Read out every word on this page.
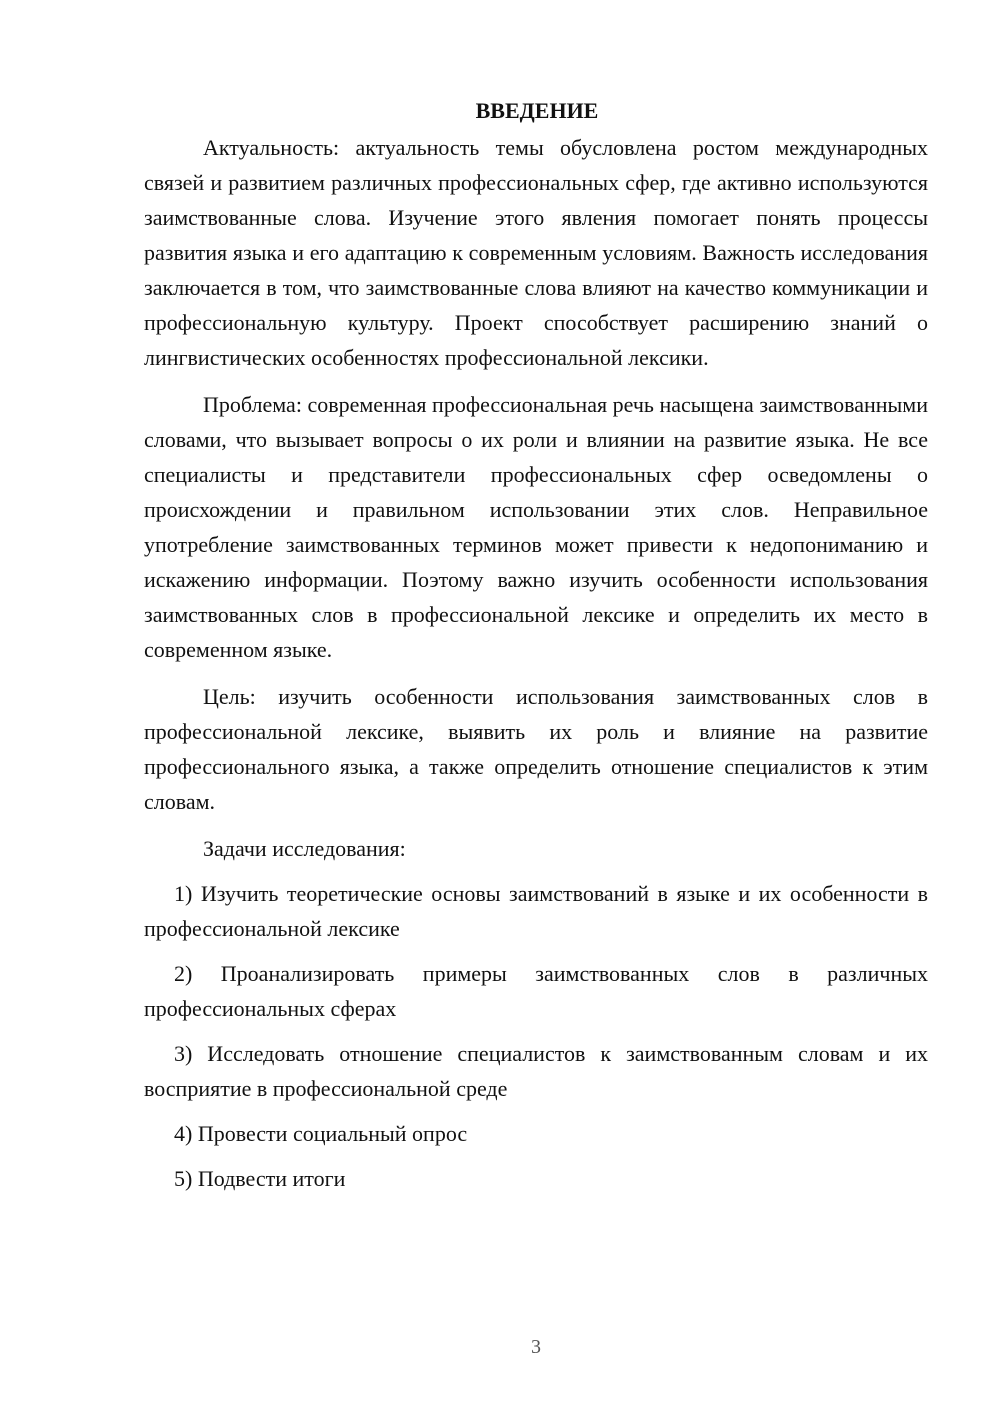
ВВЕДЕНИЕ

Актуальность: актуальность темы обусловлена ростом международных связей и развитием различных профессиональных сфер, где активно используются заимствованные слова. Изучение этого явления помогает понять процессы развития языка и его адаптацию к современным условиям. Важность исследования заключается в том, что заимствованные слова влияют на качество коммуникации и профессиональную культуру. Проект способствует расширению знаний о лингвистических особенностях профессиональной лексики.

Проблема: современная профессиональная речь насыщена заимствованными словами, что вызывает вопросы о их роли и влиянии на развитие языка. Не все специалисты и представители профессиональных сфер осведомлены о происхождении и правильном использовании этих слов. Неправильное употребление заимствованных терминов может привести к недопониманию и искажению информации. Поэтому важно изучить особенности использования заимствованных слов в профессиональной лексике и определить их место в современном языке.

Цель: изучить особенности использования заимствованных слов в профессиональной лексике, выявить их роль и влияние на развитие профессионального языка, а также определить отношение специалистов к этим словам.

Задачи исследования:

1) Изучить теоретические основы заимствований в языке и их особенности в профессиональной лексике

2) Проанализировать примеры заимствованных слов в различных профессиональных сферах

3) Исследовать отношение специалистов к заимствованным словам и их восприятие в профессиональной среде

4) Провести социальный опрос

5) Подвести итоги

3
